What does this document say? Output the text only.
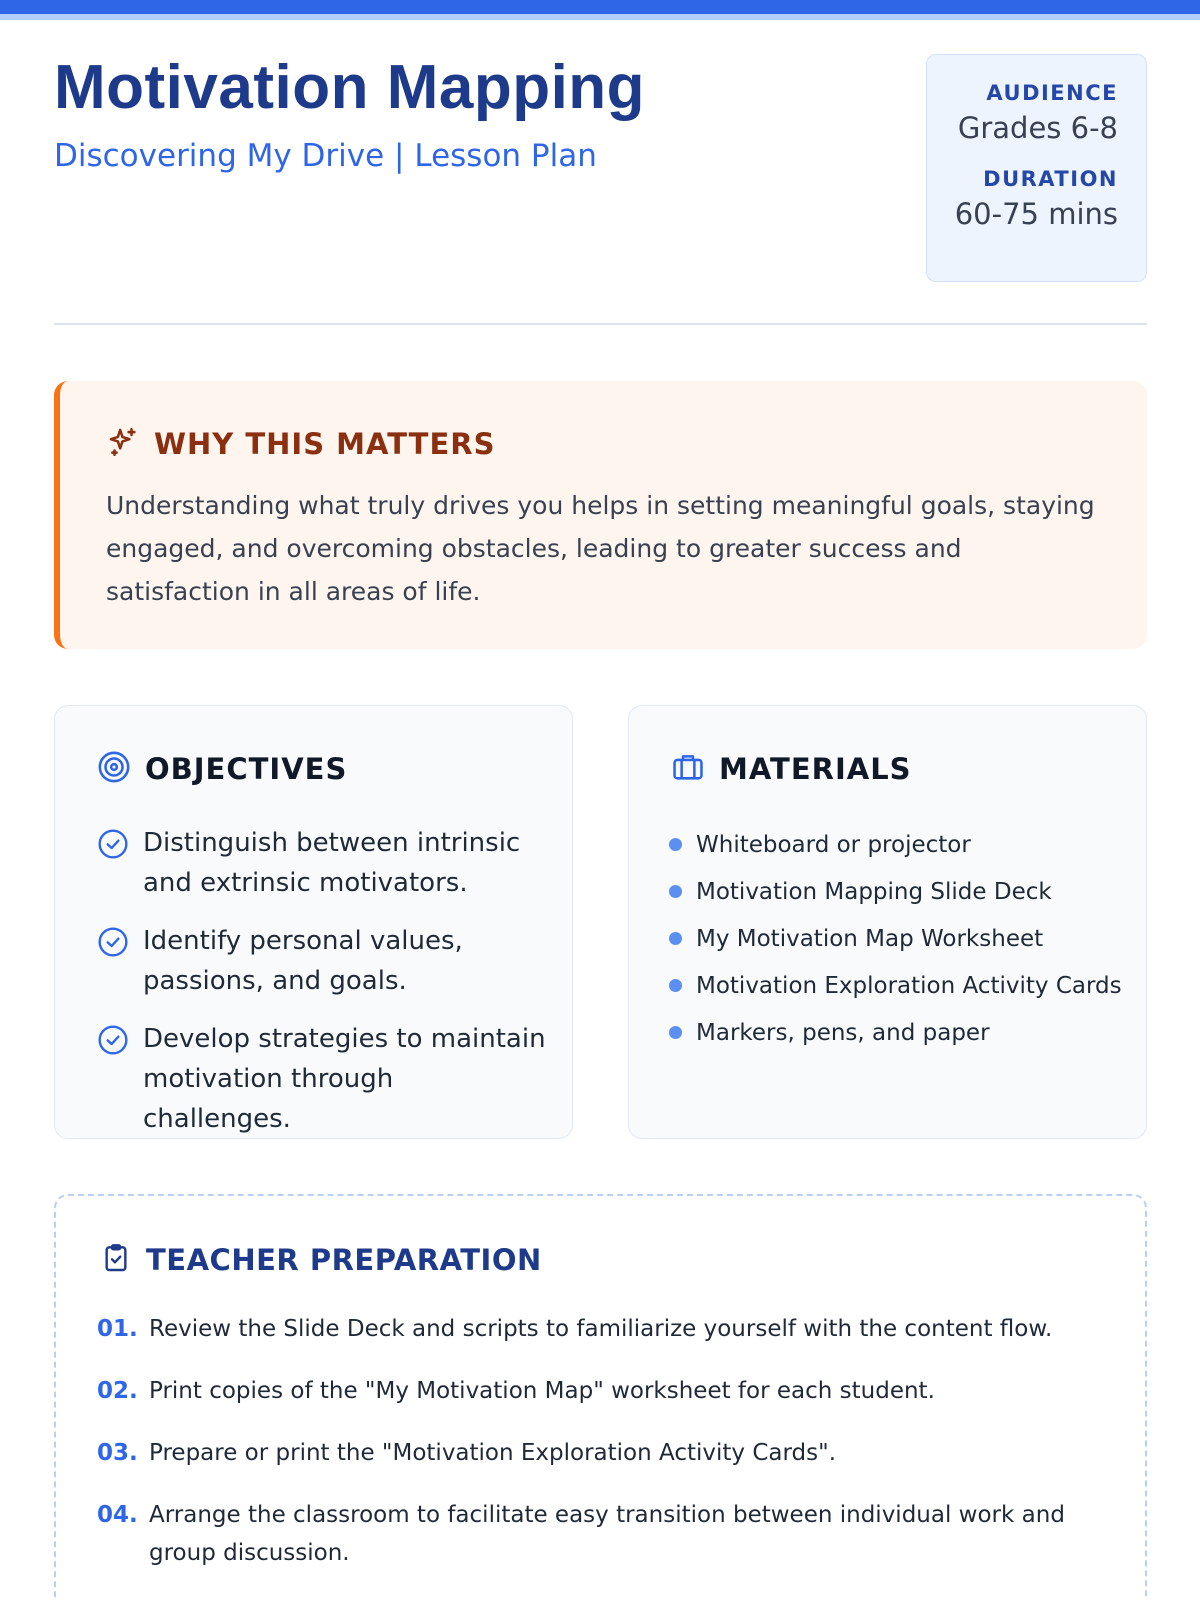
Motivation Mapping
Discovering My Drive | Lesson Plan
AUDIENCE
Grades 6-8
DURATION
60-75 mins
WHY THIS MATTERS

Understanding what truly drives you helps in setting meaningful goals, staying engaged, and overcoming obstacles, leading to greater success and satisfaction in all areas of life.

OBJECTIVES
Distinguish between intrinsic and extrinsic motivators.
Identify personal values, passions, and goals.
Develop strategies to maintain motivation through challenges.
MATERIALS
Whiteboard or projector
Motivation Mapping Slide Deck
My Motivation Map Worksheet
Motivation Exploration Activity Cards
Markers, pens, and paper
TEACHER PREPARATION
01. Review the Slide Deck and scripts to familiarize yourself with the content flow.
02. Print copies of the "My Motivation Map" worksheet for each student.
03. Prepare or print the "Motivation Exploration Activity Cards".
04. Arrange the classroom to facilitate easy transition between individual work and group discussion.
